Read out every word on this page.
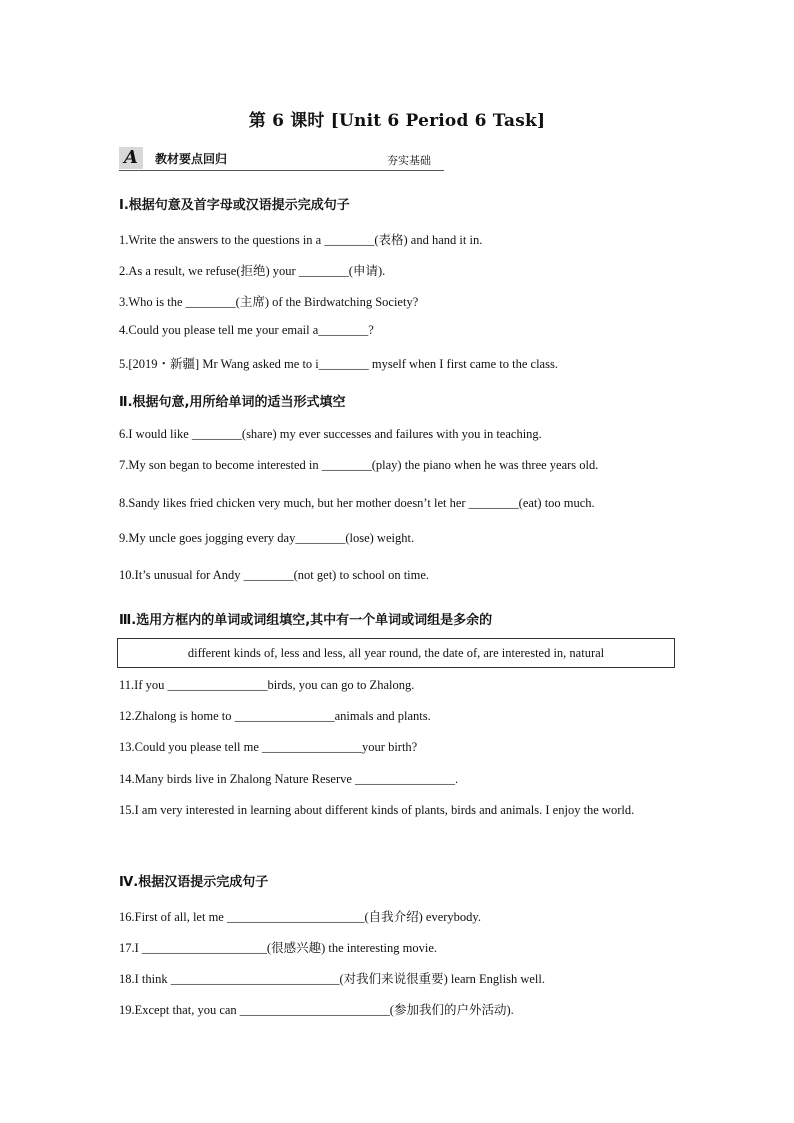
第 6 课时 [Unit 6 Period 6 Task]
A	教材要点回归	夯实基础
Ⅰ.根据句意及首字母或汉语提示完成句子
1.Write the answers to the questions in a ________(表格) and hand it in.
2.As a result, we refuse(拒绝) your ________(申请).
3.Who is the ________(主席) of the Birdwatching Society?
4.Could you please tell me your email a________?
5.[2019・新疆] Mr Wang asked me to i________ myself when I first came to the class.
Ⅱ.根据句意,用所给单词的适当形式填空
6.I would like ________(share) my ever successes and failures with you in teaching.
7.My son began to become interested in ________(play) the piano when he was three years old.
8.Sandy likes fried chicken very much, but her mother doesn’t let her ________(eat) too much.
9.My uncle goes jogging every day________(lose) weight.
10.It’s unusual for Andy ________(not get) to school on time.
Ⅲ.选用方框内的单词或词组填空,其中有一个单词或词组是多余的
different kinds of, less and less, all year round, the date of, are interested in, natural
11.If you ________________birds, you can go to Zhalong.
12.Zhalong is home to ________________animals and plants.
13.Could you please tell me ________________your birth?
14.Many birds live in Zhalong Nature Reserve ________________.
15.I am very interested in learning about different kinds of plants, birds and animals. I enjoy the world.
Ⅳ.根据汉语提示完成句子
16.First of all, let me ______________________(自我介绍) everybody.
17.I ____________________(很感兴趣) the interesting movie.
18.I think ___________________________(对我们来说很重要) learn English well.
19.Except that, you can ________________________(参加我们的户外活动).
